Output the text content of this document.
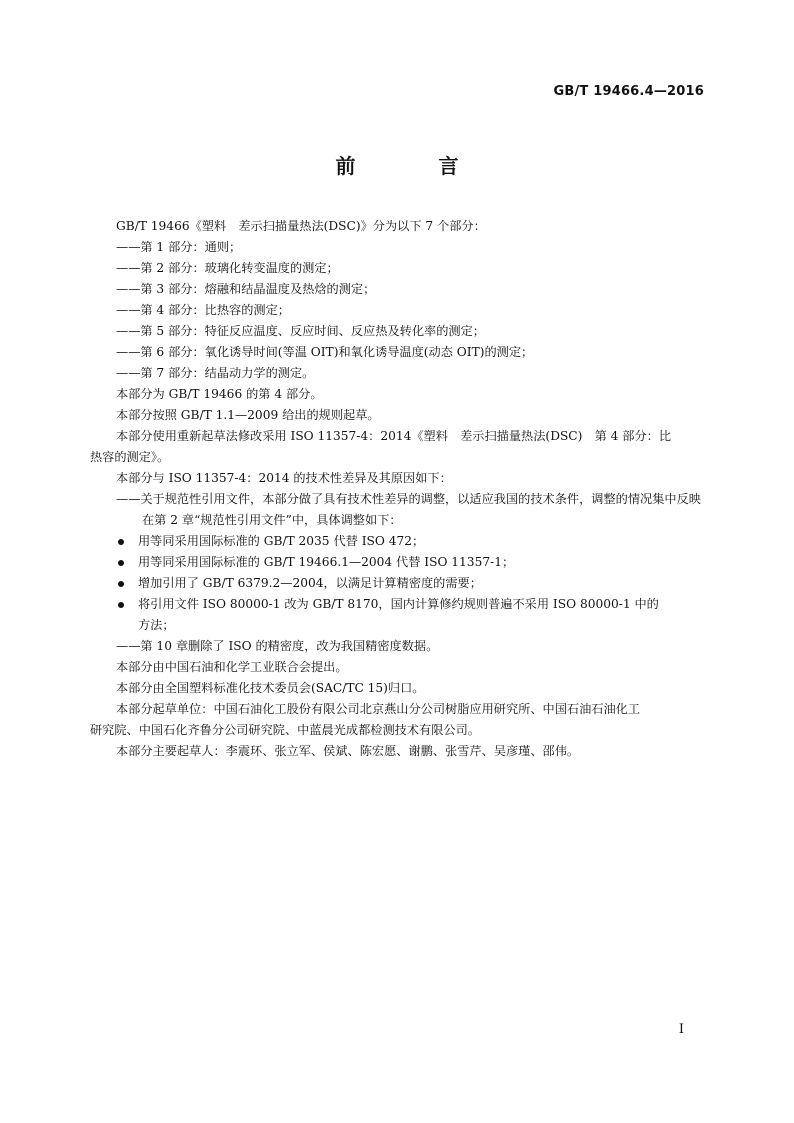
GB/T 19466.4—2016
前 言

GB/T 19466《塑料　差示扫描量热法(DSC)》分为以下 7 个部分：

——第 1 部分：通则；

——第 2 部分：玻璃化转变温度的测定；

——第 3 部分：熔融和结晶温度及热焓的测定；

——第 4 部分：比热容的测定；

——第 5 部分：特征反应温度、反应时间、反应热及转化率的测定；

——第 6 部分：氧化诱导时间(等温 OIT)和氧化诱导温度(动态 OIT)的测定；

——第 7 部分：结晶动力学的测定。

本部分为 GB/T 19466 的第 4 部分。

本部分按照 GB/T 1.1—2009 给出的规则起草。

本部分使用重新起草法修改采用 ISO 11357-4：2014《塑料　差示扫描量热法(DSC)　第 4 部分：比

热容的测定》。

本部分与 ISO 11357-4：2014 的技术性差异及其原因如下：

——关于规范性引用文件，本部分做了具有技术性差异的调整，以适应我国的技术条件，调整的情况集中反映在第 2 章“规范性引用文件”中，具体调整如下：

用等同采用国际标准的 GB/T 2035 代替 ISO 472；

用等同采用国际标准的 GB/T 19466.1—2004 代替 ISO 11357-1；

增加引用了 GB/T 6379.2—2004，以满足计算精密度的需要；

将引用文件 ISO 80000-1 改为 GB/T 8170，国内计算修约规则普遍不采用 ISO 80000-1 中的

方法；

——第 10 章删除了 ISO 的精密度，改为我国精密度数据。

本部分由中国石油和化学工业联合会提出。

本部分由全国塑料标准化技术委员会(SAC/TC 15)归口。

本部分起草单位：中国石油化工股份有限公司北京燕山分公司树脂应用研究所、中国石油石油化工

研究院、中国石化齐鲁分公司研究院、中蓝晨光成都检测技术有限公司。

本部分主要起草人：李震环、张立军、侯斌、陈宏愿、谢鹏、张雪芹、吴彦瑾、邵伟。

I
